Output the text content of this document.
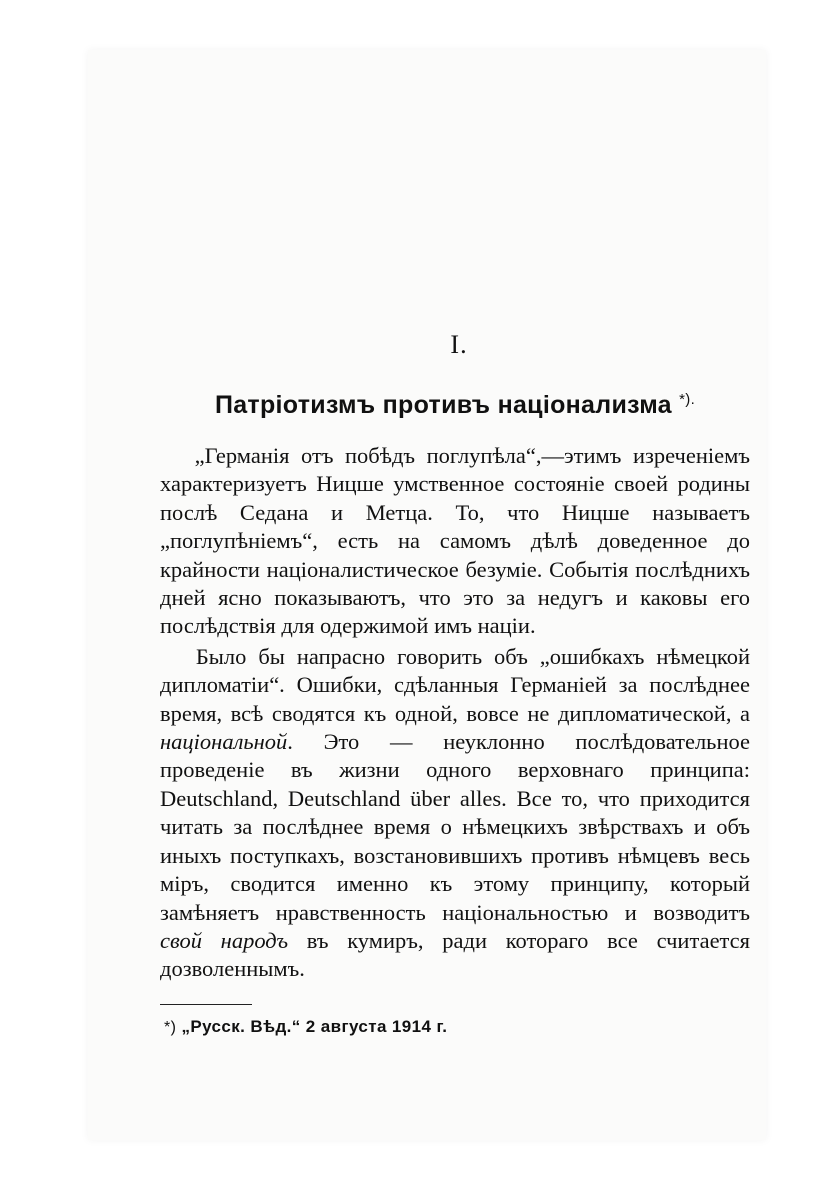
I.
Патріотизмъ противъ націонализма *).

„Германія отъ побѣдъ поглупѣла“,—этимъ изреченіемъ характеризуетъ Ницше умственное состояніе своей родины послѣ Седана и Метца. То, что Ницше называетъ „поглупѣніемъ“, есть на самомъ дѣлѣ доведенное до крайности націоналистическое безуміе. Событія послѣднихъ дней ясно показываютъ, что это за недугъ и каковы его послѣдствія для одержимой имъ націи.

Было бы напрасно говорить объ „ошибкахъ нѣмецкой дипломатіи“. Ошибки, сдѣланныя Германіей за послѣднее время, всѣ сводятся къ одной, вовсе не дипломатической, а національной. Это — неуклонно послѣдовательное проведеніе въ жизни одного верховнаго принципа: Deutschland, Deutschland über alles. Все то, что приходится читать за послѣднее время о нѣмецкихъ звѣрствахъ и объ иныхъ поступкахъ, возстановившихъ противъ нѣмцевъ весь міръ, сводится именно къ этому принципу, который замѣняетъ нравственность національностью и возводитъ свой народъ въ кумиръ, ради котораго все считается дозволеннымъ.

*) „Русск. Вѣд.“ 2 августа 1914 г.
